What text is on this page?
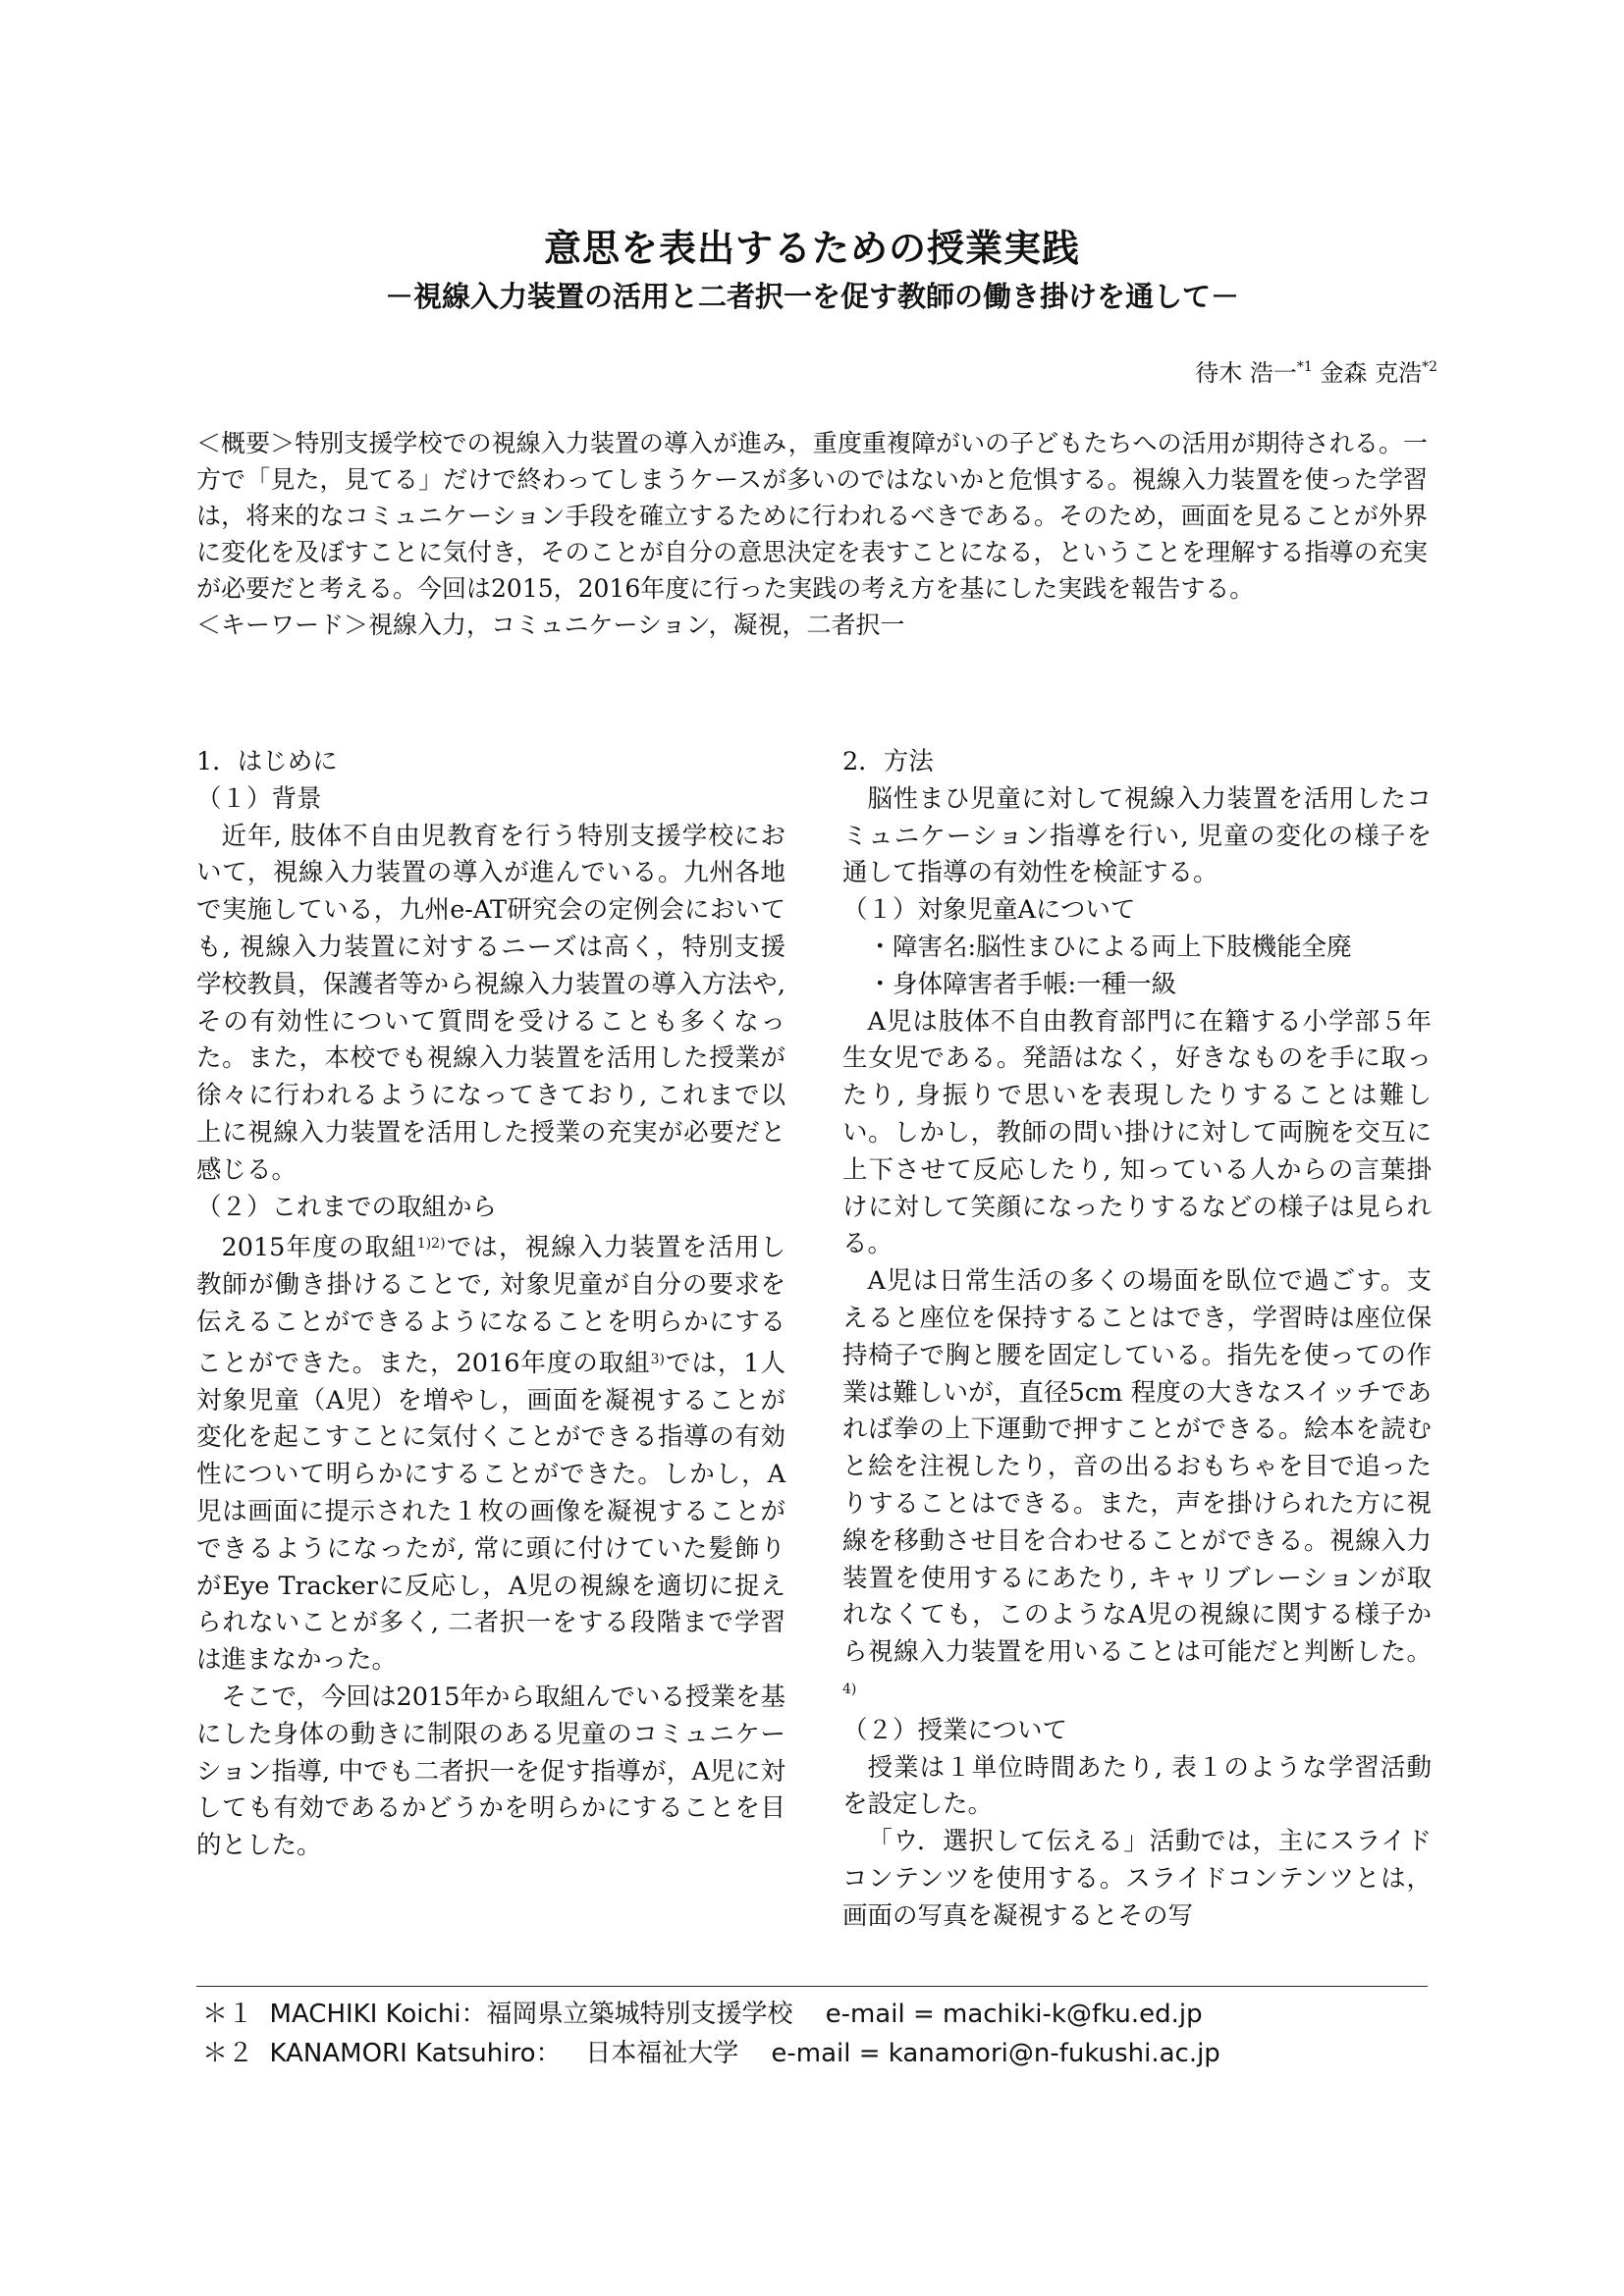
意思を表出するための授業実践
－視線入力装置の活用と二者択一を促す教師の働き掛けを通して－
待木 浩一$^{*1}$ 金森 克浩$^{*2}$

＜概要＞特別支援学校での視線入力装置の導入が進み，重度重複障がいの子どもたちへの活用が期待される。一方で「見た，見てる」だけで終わってしまうケースが多いのではないかと危惧する。視線入力装置を使った学習は，将来的なコミュニケーション手段を確立するために行われるべきである。そのため，画面を見ることが外界に変化を及ぼすことに気付き，そのことが自分の意思決定を表すことになる，ということを理解する指導の充実が必要だと考える。今回は2015，2016年度に行った実践の考え方を基にした実践を報告する。

＜キーワード＞視線入力，コミュニケーション，凝視，二者択一

1．はじめに

（１）背景

近年, 肢体不自由児教育を行う特別支援学校において，視線入力装置の導入が進んでいる。九州各地で実施している，九州e-AT研究会の定例会においても, 視線入力装置に対するニーズは高く，特別支援学校教員，保護者等から視線入力装置の導入方法や, その有効性について質問を受けることも多くなった。また，本校でも視線入力装置を活用した授業が徐々に行われるようになってきており, これまで以上に視線入力装置を活用した授業の充実が必要だと感じる。

（２）これまでの取組から

2015年度の取組$^{1)2)}$では，視線入力装置を活用し教師が働き掛けることで, 対象児童が自分の要求を伝えることができるようになることを明らかにすることができた。また，2016年度の取組$^{3)}$では，1人対象児童（A児）を増やし，画面を凝視することが変化を起こすことに気付くことができる指導の有効性について明らかにすることができた。しかし，A児は画面に提示された１枚の画像を凝視することができるようになったが, 常に頭に付けていた髪飾りがEye Trackerに反応し，A児の視線を適切に捉えられないことが多く, 二者択一をする段階まで学習は進まなかった。

そこで，今回は2015年から取組んでいる授業を基にした身体の動きに制限のある児童のコミュニケーション指導, 中でも二者択一を促す指導が，A児に対しても有効であるかどうかを明らかにすることを目的とした。

2．方法

脳性まひ児童に対して視線入力装置を活用したコミュニケーション指導を行い, 児童の変化の様子を通して指導の有効性を検証する。

（１）対象児童Aについて

・障害名:脳性まひによる両上下肢機能全廃

・身体障害者手帳:一種一級

A児は肢体不自由教育部門に在籍する小学部５年生女児である。発語はなく，好きなものを手に取ったり, 身振りで思いを表現したりすることは難しい。しかし，教師の問い掛けに対して両腕を交互に上下させて反応したり, 知っている人からの言葉掛けに対して笑顔になったりするなどの様子は見られる。

A児は日常生活の多くの場面を臥位で過ごす。支えると座位を保持することはでき，学習時は座位保持椅子で胸と腰を固定している。指先を使っての作業は難しいが，直径5cm 程度の大きなスイッチであれば拳の上下運動で押すことができる。絵本を読むと絵を注視したり，音の出るおもちゃを目で追ったりすることはできる。また，声を掛けられた方に視線を移動させ目を合わせることができる。視線入力装置を使用するにあたり, キャリブレーションが取れなくても，このようなA児の視線に関する様子から視線入力装置を用いることは可能だと判断した。$^{4)}$

（２）授業について

授業は１単位時間あたり, 表１のような学習活動を設定した。

「ウ．選択して伝える」活動では，主にスライドコンテンツを使用する。スライドコンテンツとは，画面の写真を凝視するとその写

＊１  MACHIKI Koichi：福岡県立築城特別支援学校    e-mail = machiki-k@fku.ed.jp
＊２  KANAMORI Katsuhiro：   日本福祉大学    e-mail = kanamori@n-fukushi.ac.jp
